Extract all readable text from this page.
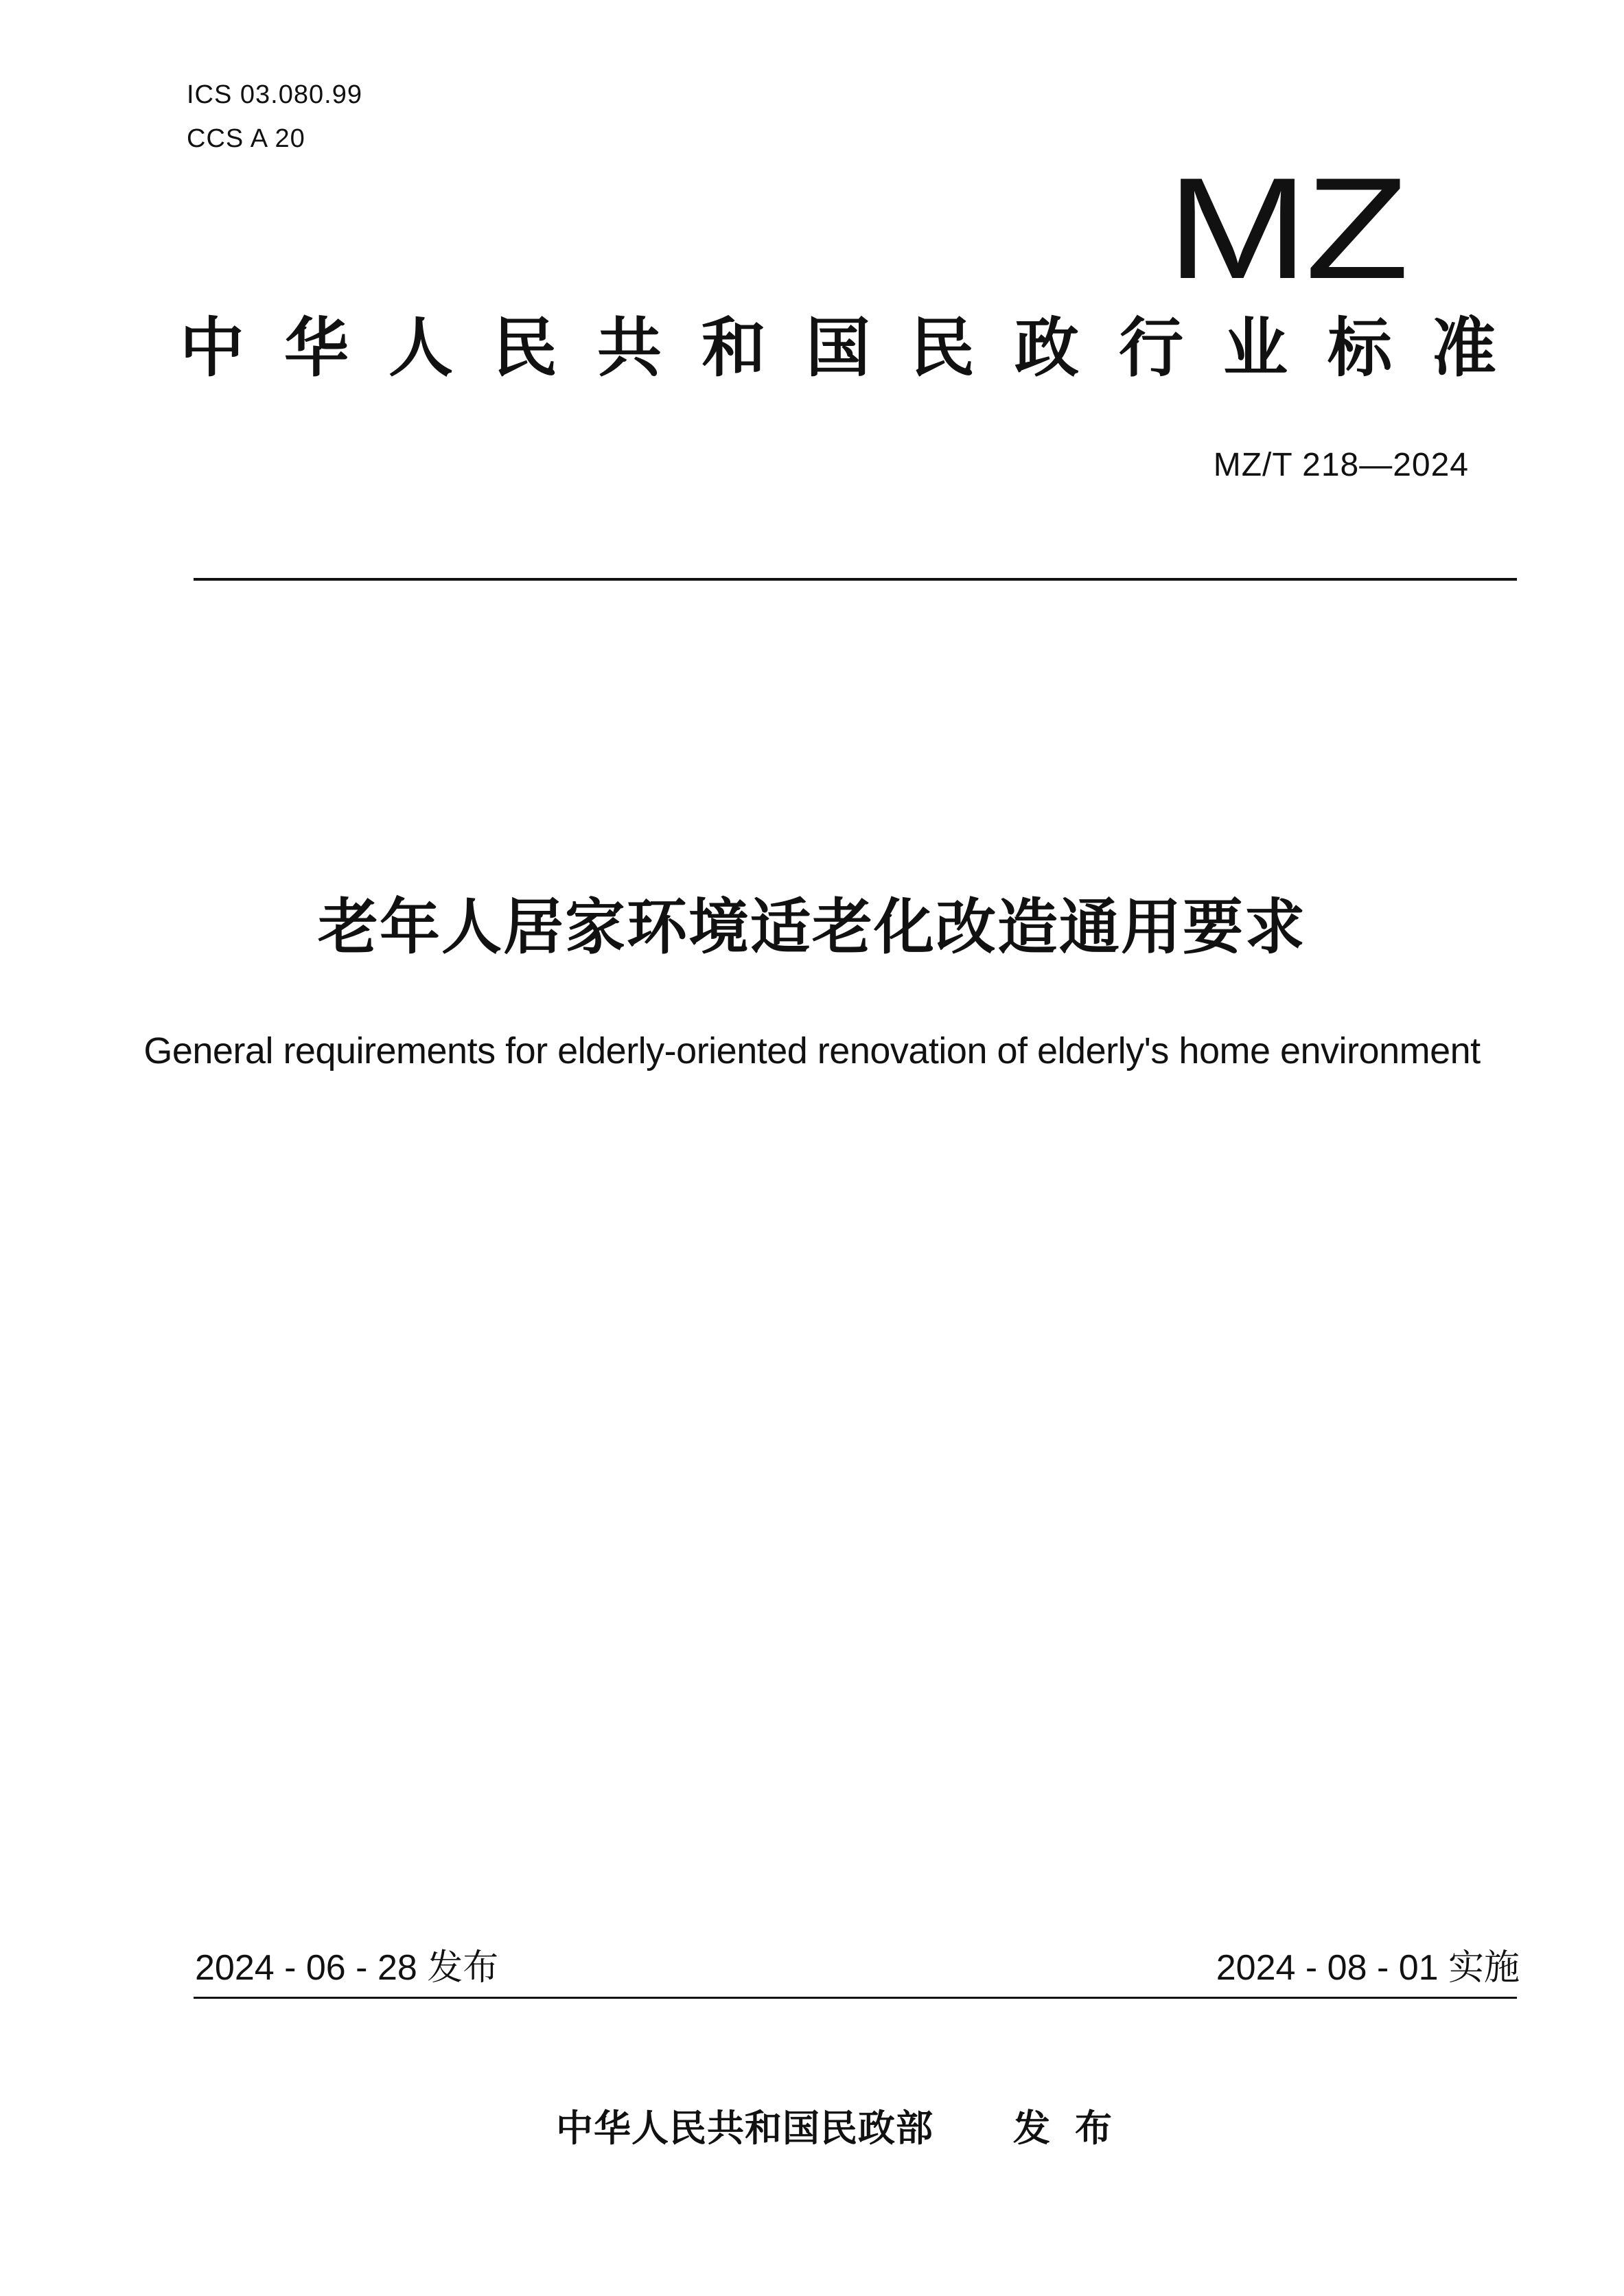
ICS 03.080.99
CCS A 20
MZ
中华人民共和国民政行业标准
MZ/T 218—2024
老年人居家环境适老化改造通用要求
General requirements for elderly-oriented renovation of elderly's home environment
2024 - 06 - 28 发布	2024 - 08 - 01 实施
中华人民共和国民政部 发布
